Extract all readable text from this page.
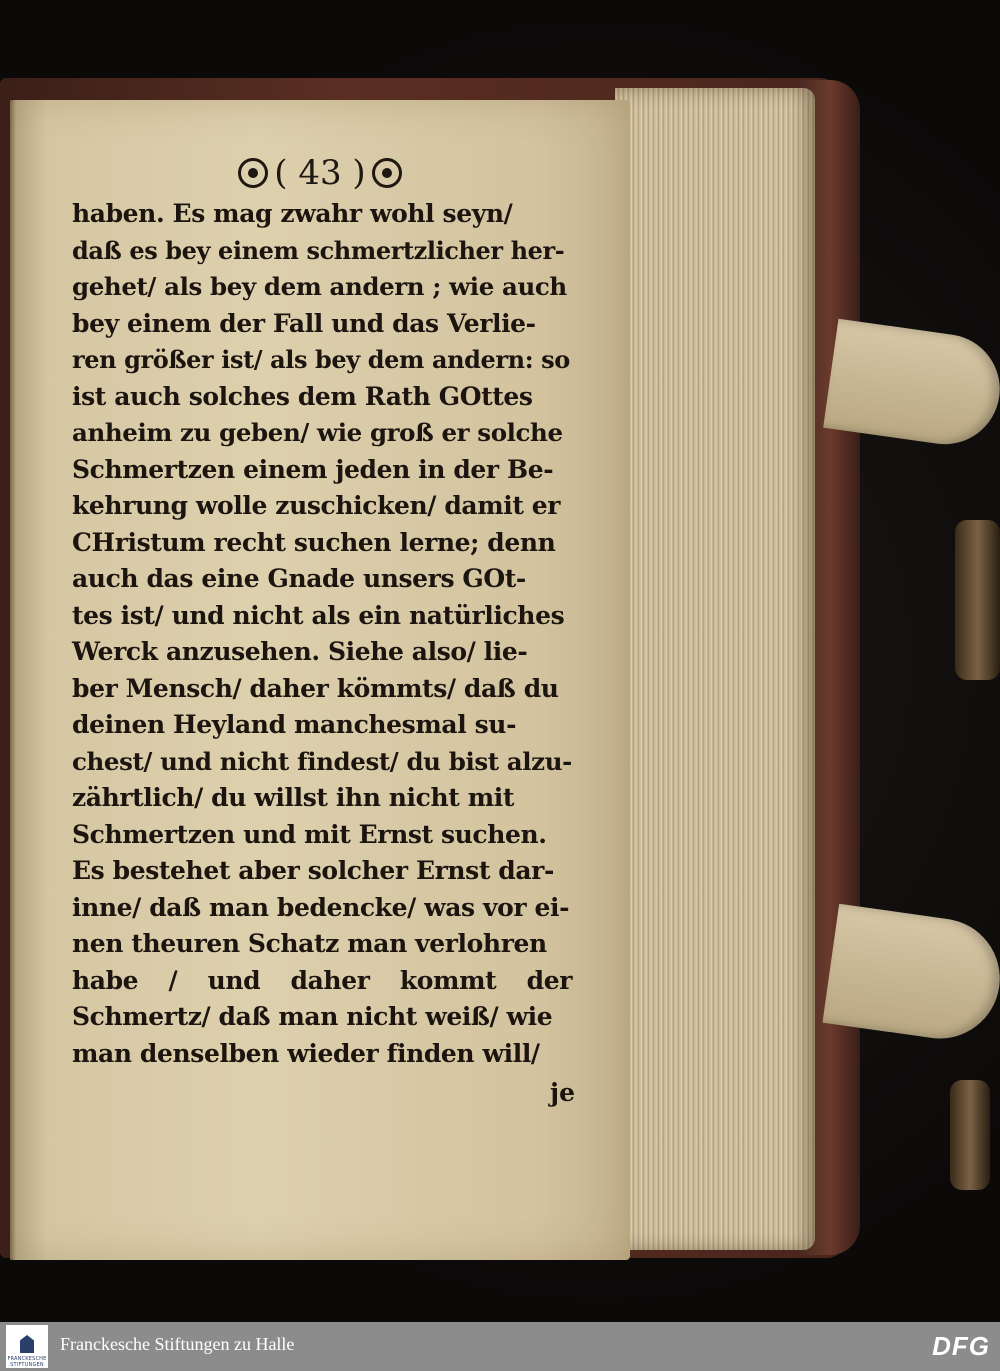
( 43 )
haben. Es mag zwahr wohl seyn/
daß es bey einem schmertzlicher her-
gehet/ als bey dem andern ; wie auch
bey einem der Fall und das Verlie-
ren größer ist/ als bey dem andern: so
ist auch solches dem Rath GOttes
anheim zu geben/ wie groß er solche
Schmertzen einem jeden in der Be-
kehrung wolle zuschicken/ damit er
CHristum recht suchen lerne; denn
auch das eine Gnade unsers GOt-
tes ist/ und nicht als ein natürliches
Werck anzusehen. Siehe also/ lie-
ber Mensch/ daher kömmts/ daß du
deinen Heyland manchesmal su-
chest/ und nicht findest/ du bist alzu-
zährtlich/ du willst ihn nicht mit
Schmertzen und mit Ernst suchen.
Es bestehet aber solcher Ernst dar-
inne/ daß man bedencke/ was vor ei-
nen theuren Schatz man verlohren
habe / und daher kommt der
Schmertz/ daß man nicht weiß/ wie
man denselben wieder finden will/
je
FRANCKESCHE
STIFTUNGEN
Franckesche Stiftungen zu Halle	DFG
